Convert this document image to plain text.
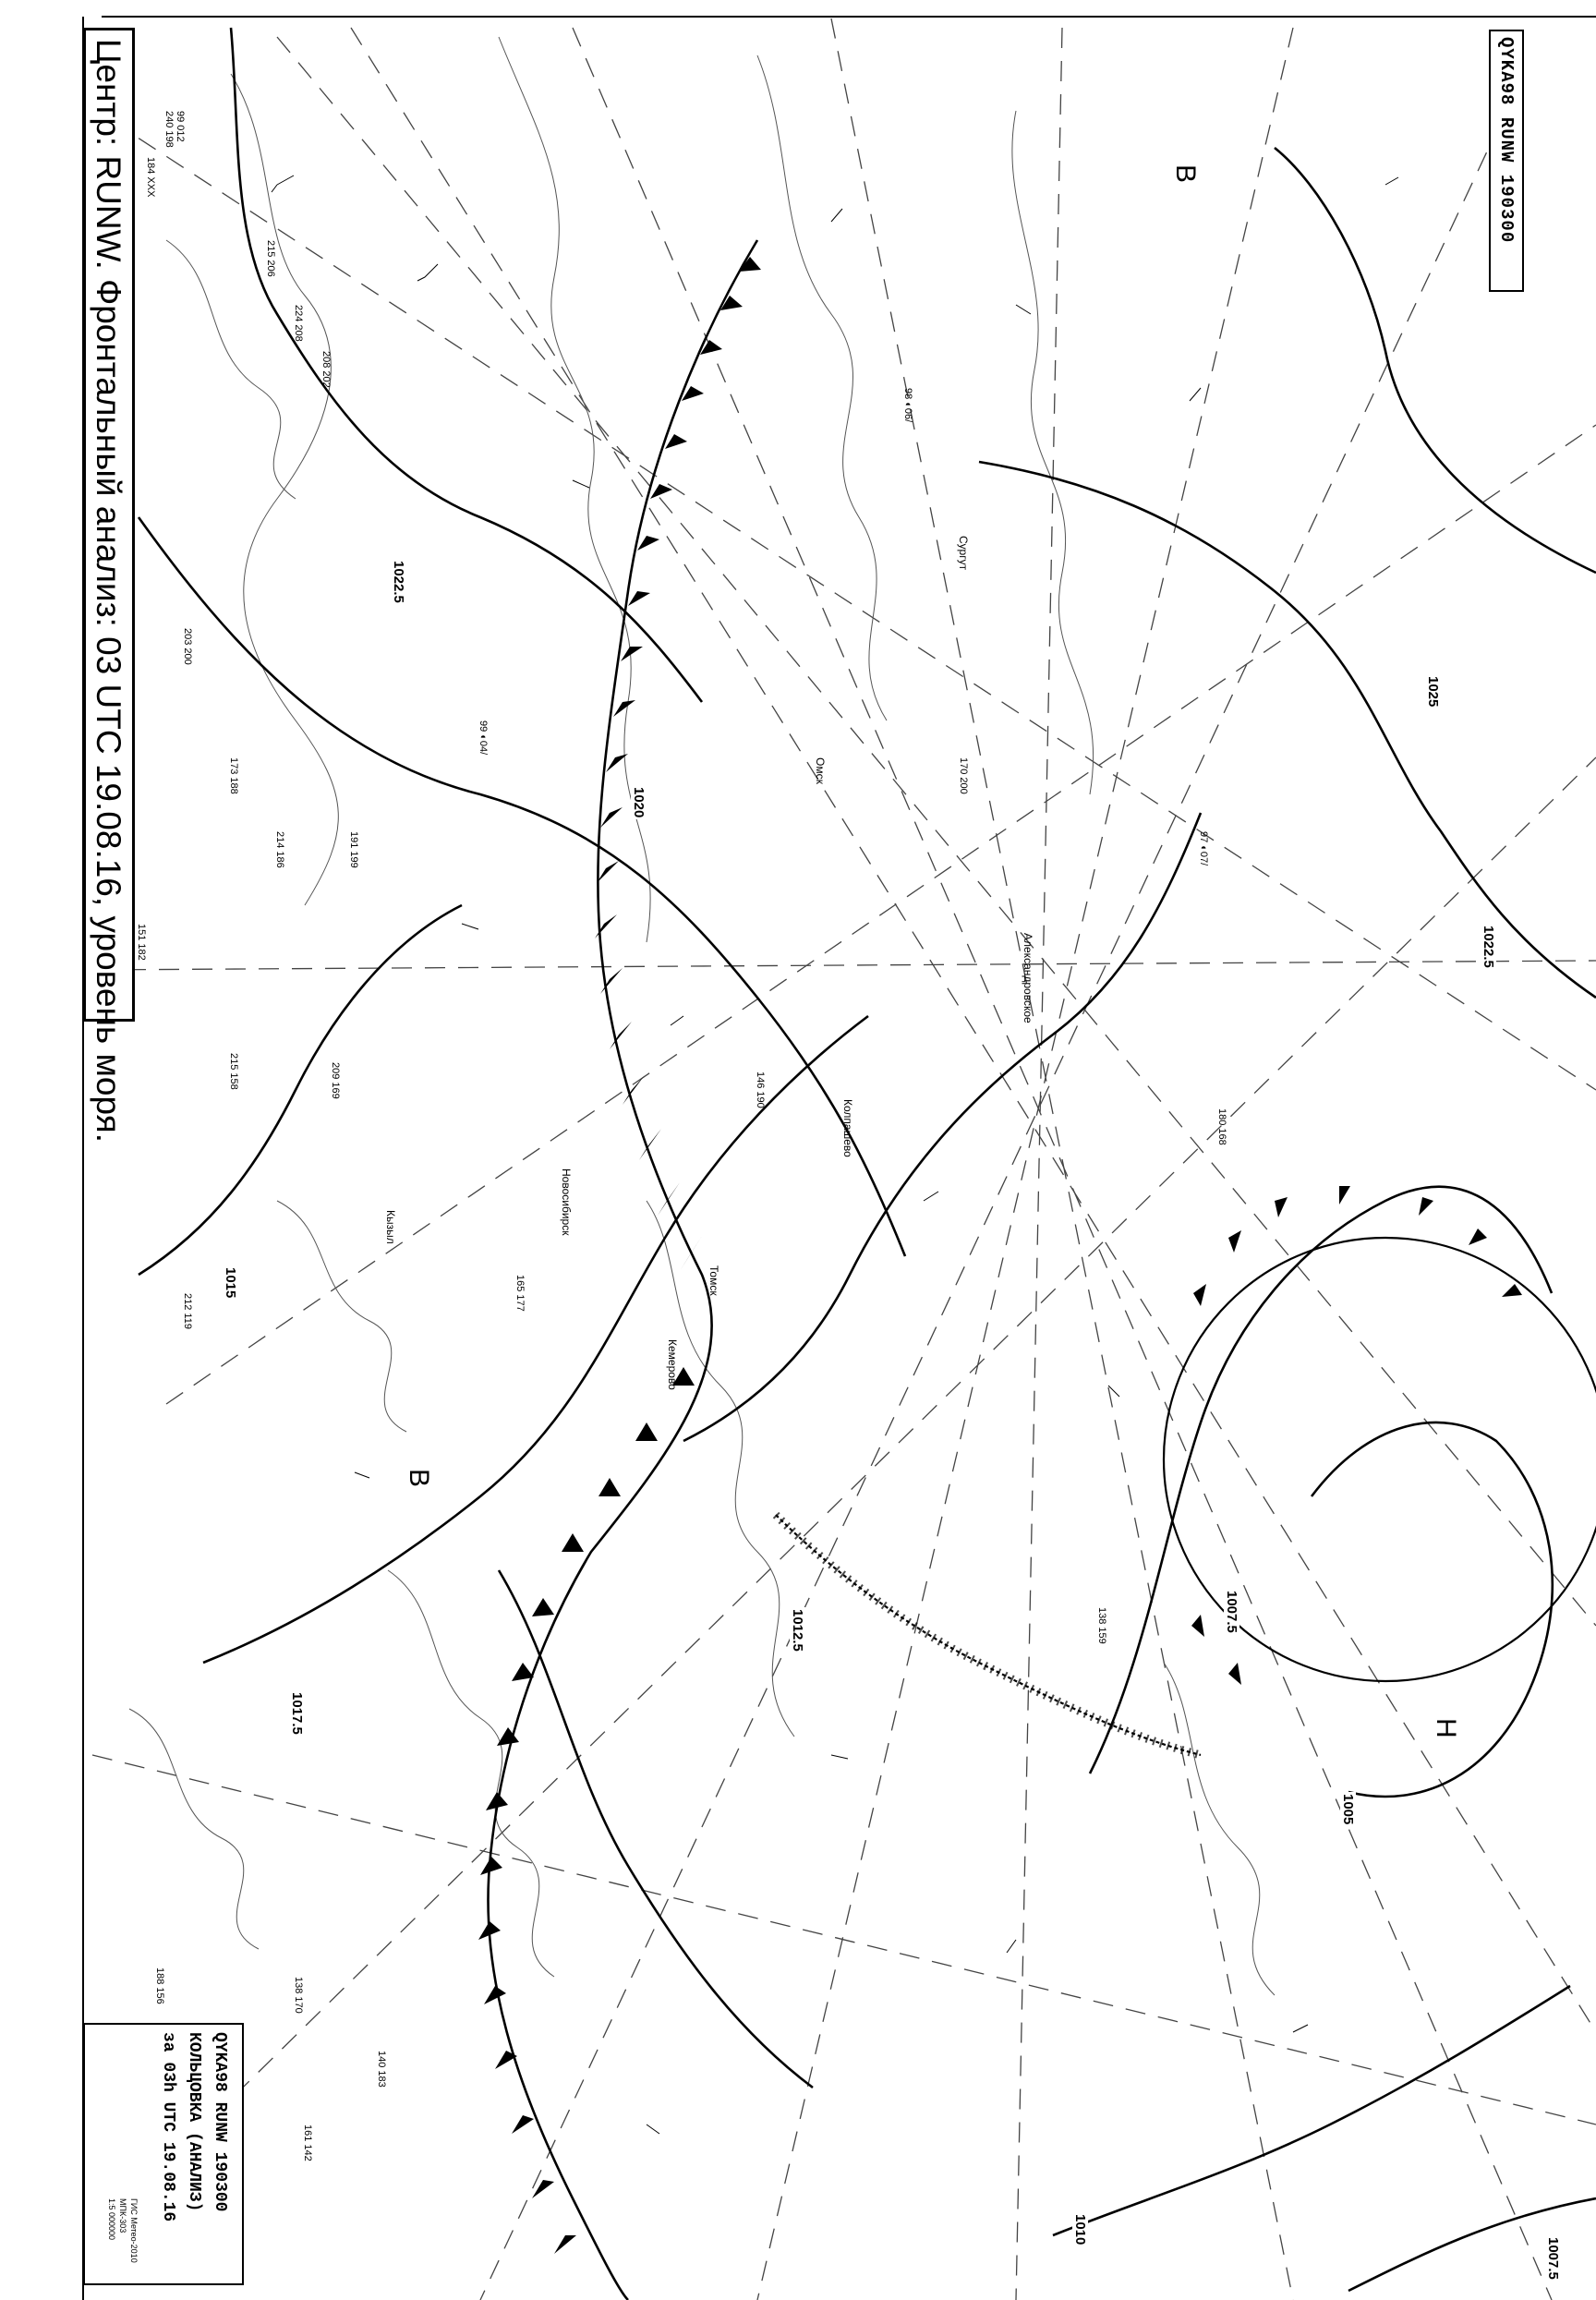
240 198 99 012
184 XXX
215 206
224 208
208 202
203 200
191 199
214 186
173 188
151 182
215 158	209 169
212 119
161 142
140 183
138 170
188 156
99 ◐04/
98 ◐06/
97 ◐07/
170 200
165 177
138 159
146 190
180 168
Центр: RUNW. Фронтальный анализ: 03 UTC 19.08.16, уровень моря.	QYKA98 RUNW 190300
QYKA98 RUNW 190300
КОЛЬЦОВКА (АНАЛИЗ)
за 03h UTC 19.08.16
ГИС Метео-2010
МПК-303
1:5 000000
В
В
Н
1025
1022.5
1022.5
1020
1017.5
1015
1012.5
1010
1007.5
1007.5
1005
Томск
Новосибирск
Кемерово
Александровское
Кызыл
Омск
Сургут
Колпашево
